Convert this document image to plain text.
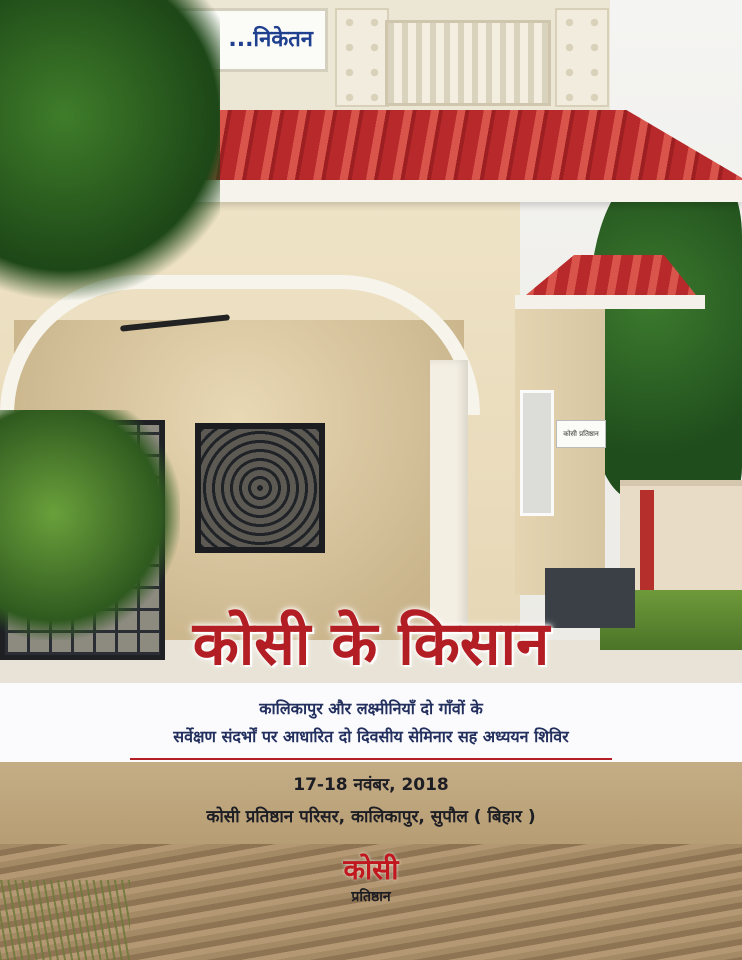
...निकेतन
कोसी प्रतिष्ठान
कोसी के किसान
कालिकापुर और लक्ष्मीनियाँ दो गाँवों के
सर्वेक्षण संदर्भों पर आधारित दो दिवसीय सेमिनार सह अध्ययन शिविर
17-18 नवंबर, 2018
कोसी प्रतिष्ठान परिसर, कालिकापुर, सुपौल ( बिहार )
कोसी
प्रतिष्ठान
